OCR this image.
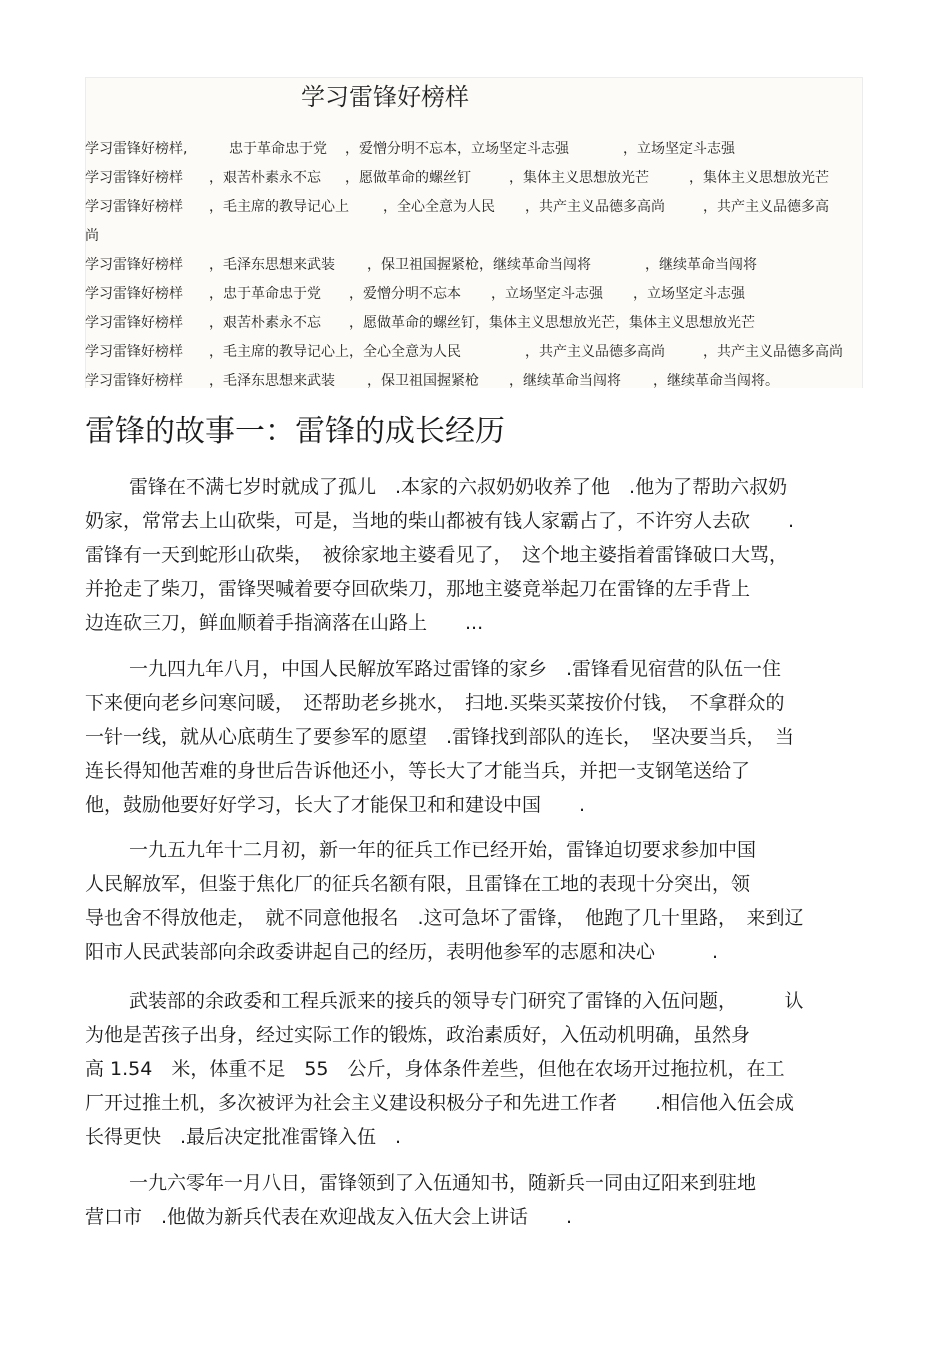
学习雷锋好榜样
学习雷锋好榜样,	忠于革命忠于党 ，爱憎分明不忘本，立场坚定斗志强	，立场坚定斗志强
学习雷锋好榜样 ，艰苦朴素永不忘 ，愿做革命的螺丝钉	，集体主义思想放光芒	，集体主义思想放光芒
学习雷锋好榜样 ，毛主席的教导记心上 ，全心全意为人民 ，共产主义品德多高尚	，共产主义品德多高
尚
学习雷锋好榜样 ，毛泽东思想来武装 ，保卫祖国握紧枪，继续革命当闯将	，继续革命当闯将
学习雷锋好榜样 ，忠于革命忠于党 ，爱憎分明不忘本 ，立场坚定斗志强 ，立场坚定斗志强
学习雷锋好榜样 ，艰苦朴素永不忘 ，愿做革命的螺丝钉，集体主义思想放光芒，集体主义思想放光芒
学习雷锋好榜样 ，毛主席的教导记心上，全心全意为人民	，共产主义品德多高尚	，共产主义品德多高尚
学习雷锋好榜样 ，毛泽东思想来武装 ，保卫祖国握紧枪 ，继续革命当闯将 ，继续革命当闯将。
雷锋的故事一：雷锋的成长经历
雷锋在不满七岁时就成了孤儿　.本家的六叔奶奶收养了他　.他为了帮助六叔奶
奶家，常常去上山砍柴，可是，当地的柴山都被有钱人家霸占了，不许穷人去砍　　.
雷锋有一天到蛇形山砍柴，　被徐家地主婆看见了，　这个地主婆指着雷锋破口大骂，
并抢走了柴刀，雷锋哭喊着要夺回砍柴刀，那地主婆竟举起刀在雷锋的左手背上
边连砍三刀，鲜血顺着手指滴落在山路上　　...
一九四九年八月，中国人民解放军路过雷锋的家乡　.雷锋看见宿营的队伍一住
下来便向老乡问寒问暖，　还帮助老乡挑水，　扫地.买柴买菜按价付钱，　不拿群众的
一针一线，就从心底萌生了要参军的愿望　.雷锋找到部队的连长，　坚决要当兵，　当
连长得知他苦难的身世后告诉他还小，等长大了才能当兵，并把一支钢笔送给了
他，鼓励他要好好学习，长大了才能保卫和和建设中国　　.
一九五九年十二月初，新一年的征兵工作已经开始，雷锋迫切要求参加中国
人民解放军，但鉴于焦化厂的征兵名额有限，且雷锋在工地的表现十分突出，领
导也舍不得放他走，　就不同意他报名　.这可急坏了雷锋，　他跑了几十里路，　来到辽
阳市人民武装部向余政委讲起自己的经历，表明他参军的志愿和决心　　　.
武装部的余政委和工程兵派来的接兵的领导专门研究了雷锋的入伍问题，　　　认
为他是苦孩子出身，经过实际工作的锻炼，政治素质好，入伍动机明确，虽然身
高 1.54　米，体重不足　55　公斤，身体条件差些，但他在农场开过拖拉机，在工
厂开过推土机，多次被评为社会主义建设积极分子和先进工作者　　.相信他入伍会成
长得更快　.最后决定批准雷锋入伍　.
一九六零年一月八日，雷锋领到了入伍通知书，随新兵一同由辽阳来到驻地
营口市　.他做为新兵代表在欢迎战友入伍大会上讲话　　.
